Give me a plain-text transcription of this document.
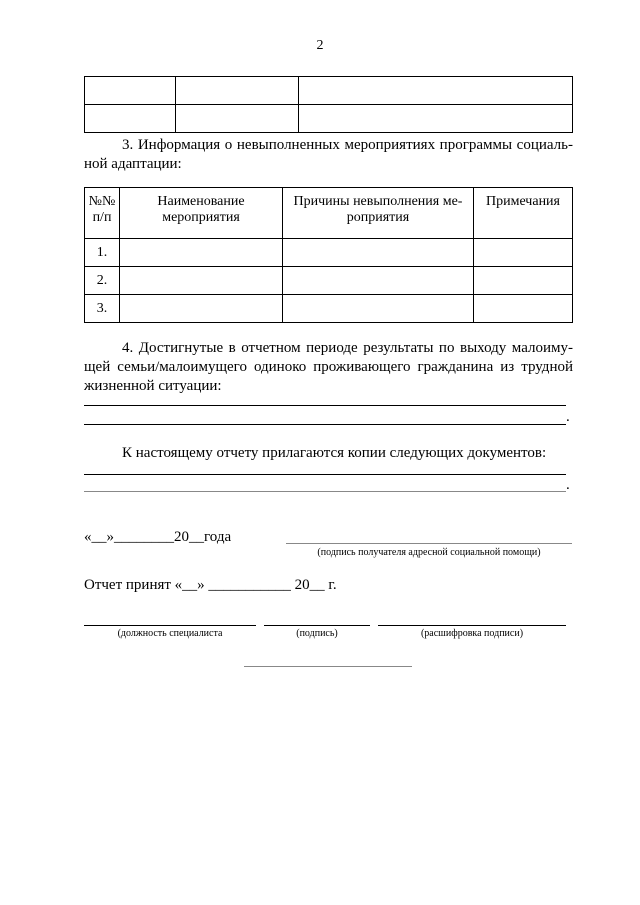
2

3. Информация о невыполненных мероприятиях программы социаль-ной адаптации:
№№ п/п	Наименование мероприятия	Причины невыполнения ме-роприятия	Примечания
1.			
2.			
3.			
4. Достигнутые в отчетном периоде результаты по выходу малоиму-щей семьи/малоимущего одиноко проживающего гражданина из трудной жизненной ситуации:
.
К настоящему отчету прилагаются копии следующих документов:
.
«__»________20__года
(подпись получателя адресной социальной помощи)
Отчет принят «__» ___________ 20__ г.
(должность специалиста	(подпись)	(расшифровка подписи)
